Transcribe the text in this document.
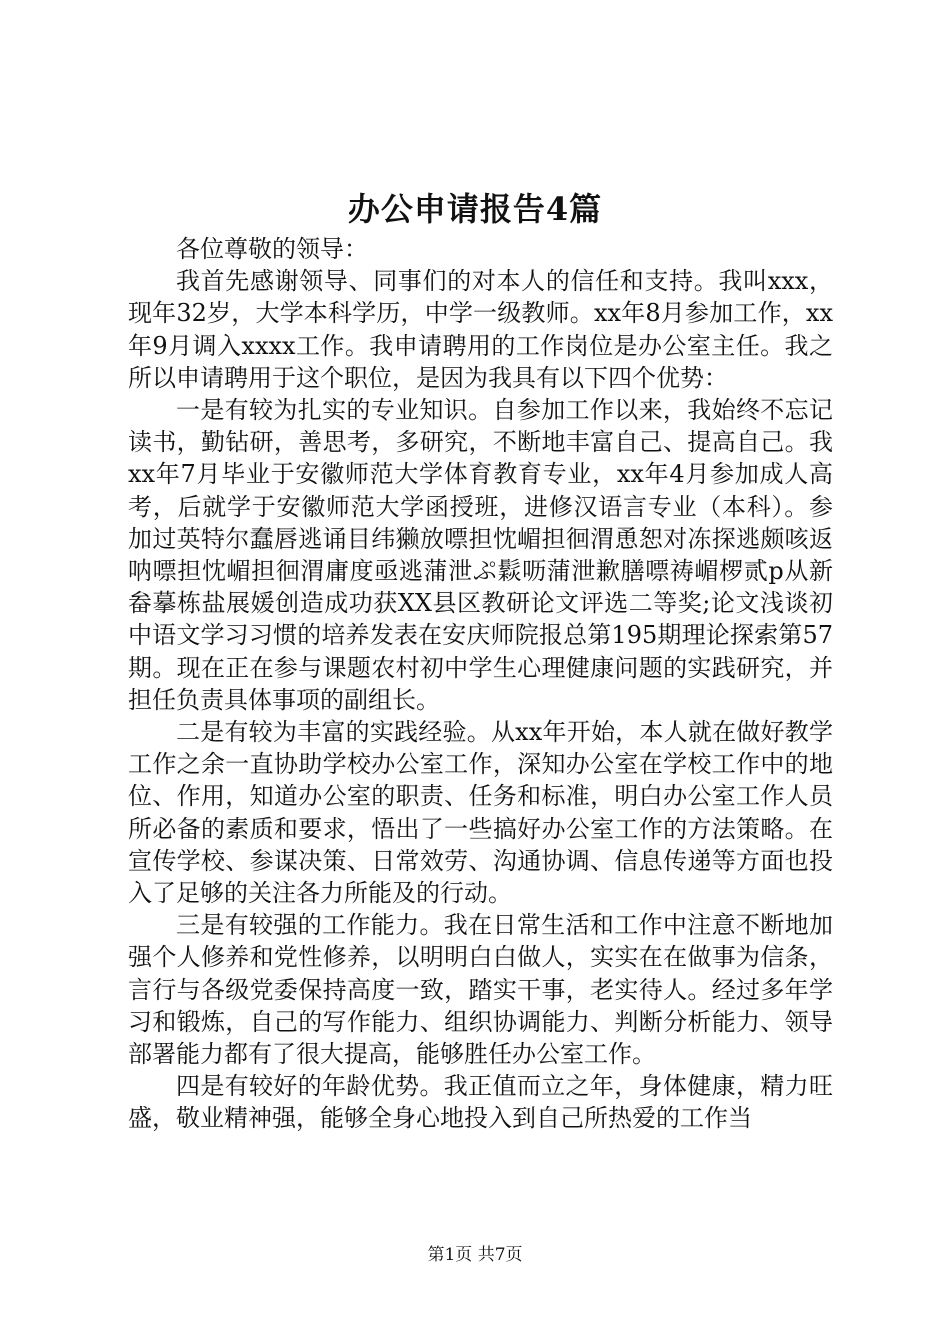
办公申请报告4篇

各位尊敬的领导：

我首先感谢领导、同事们的对本人的信任和支持。我叫xxx，现年32岁，大学本科学历，中学一级教师。xx年8月参加工作，xx年9月调入xxxx工作。我申请聘用的工作岗位是办公室主任。我之所以申请聘用于这个职位，是因为我具有以下四个优势：

一是有较为扎实的专业知识。自参加工作以来，我始终不忘记读书，勤钻研，善思考，多研究，不断地丰富自己、提高自己。我xx年7月毕业于安徽师范大学体育教育专业，xx年4月参加成人高考，后就学于安徽师范大学函授班，进修汉语言专业（本科）。参加过英特尔蠢唇逃诵目纬獭放嘌担忱嵋担徊渭恿恕对冻探逃颇咳返呐嘌担忱嵋担徊渭庸度亟逃蒲泄ぷ鬏呖蒲泄歉膳嘌祷嵋椤贰p从新畚摹栋盐展媛创造成功获XX县区教研论文评选二等奖;论文浅谈初中语文学习习惯的培养发表在安庆师院报总第195期理论探索第57期。现在正在参与课题农村初中学生心理健康问题的实践研究，并担任负责具体事项的副组长。

二是有较为丰富的实践经验。从xx年开始，本人就在做好教学工作之余一直协助学校办公室工作，深知办公室在学校工作中的地位、作用，知道办公室的职责、任务和标准，明白办公室工作人员所必备的素质和要求，悟出了一些搞好办公室工作的方法策略。在宣传学校、参谋决策、日常效劳、沟通协调、信息传递等方面也投入了足够的关注各力所能及的行动。

三是有较强的工作能力。我在日常生活和工作中注意不断地加强个人修养和党性修养，以明明白白做人，实实在在做事为信条，言行与各级党委保持高度一致，踏实干事，老实待人。经过多年学习和锻炼，自己的写作能力、组织协调能力、判断分析能力、领导部署能力都有了很大提高，能够胜任办公室工作。

四是有较好的年龄优势。我正值而立之年，身体健康，精力旺盛，敬业精神强，能够全身心地投入到自己所热爱的工作当

第1页 共7页
